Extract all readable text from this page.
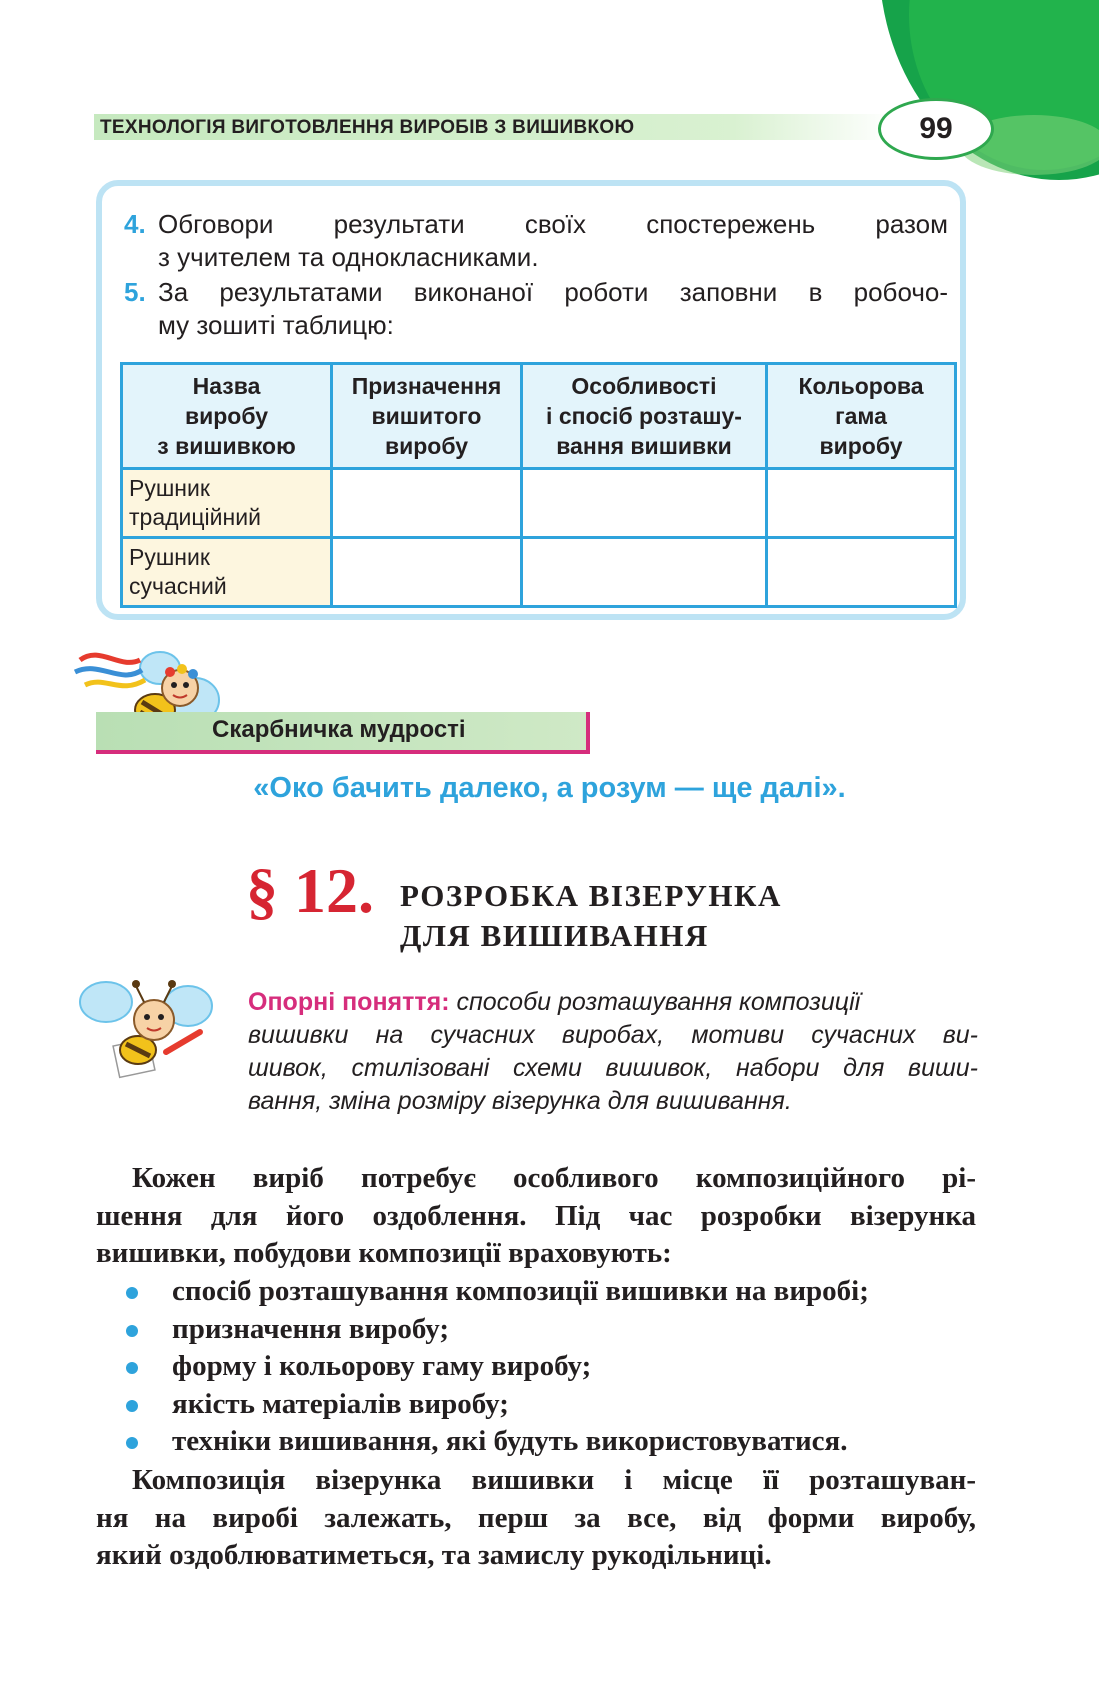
ТЕХНОЛОГІЯ ВИГОТОВЛЕННЯ ВИРОБІВ З ВИШИВКОЮ	99
4. Обговори результати своїх спостережень разом
з учителем та однокласниками.
5. За результатами виконаної роботи заповни в робочо-
му зошиті таблицю:
Назва
виробу
з вишивкою	Призначення
вишитого
виробу	Особливості
і спосіб розташу-
вання вишивки	Кольорова
гама
виробу

Рушник
традиційний			

Рушник
сучасний			

Скарбничка мудрості
«Око бачить далеко, а розум — ще далі».
§ 12. РОЗРОБКА ВІЗЕРУНКА
ДЛЯ ВИШИВАННЯ
Опорні поняття: способи розташування композиції
вишивки на сучасних виробах, мотиви сучасних ви-
шивок, стилізовані схеми вишивок, набори для виши-
вання, зміна розміру візерунка для вишивання.
Кожен виріб потребує особливого композиційного рі-
шення для його оздоблення. Під час розробки візерунка
вишивки, побудови композиції враховують:
спосіб розташування композиції вишивки на виробі;
призначення виробу;
форму і кольорову гаму виробу;
якість матеріалів виробу;
техніки вишивання, які будуть використовуватися.
Композиція візерунка вишивки і місце її розташуван-
ня на виробі залежать, перш за все, від форми виробу,
який оздоблюватиметься, та замислу рукодільниці.
